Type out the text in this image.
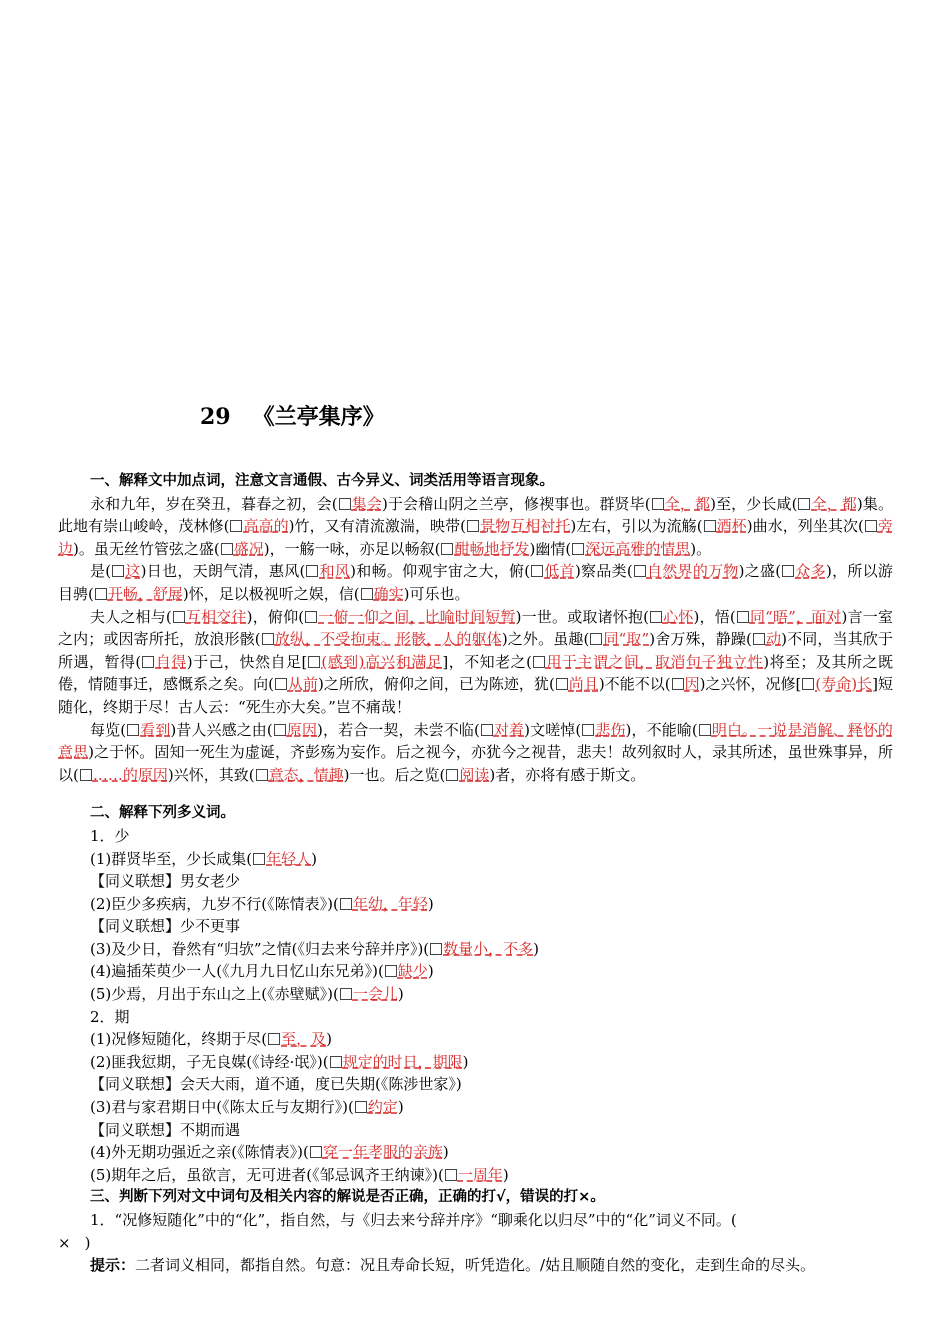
29 《兰亭集序》
一、解释文中加点词，注意文言通假、古今异义、词类活用等语言现象。
永和九年，岁在癸丑，暮春之初，会( 集会)于会稽山阴之兰亭，修禊事也。群贤毕( 全，都)至，少长咸( 全，都)集。此地有崇山峻岭，茂林修( 高高的)竹，又有清流激湍，映带( 景物互相衬托)左右，引以为流觞( 酒杯)曲水，列坐其次( 旁边)。虽无丝竹管弦之盛( 盛况)，一觞一咏，亦足以畅叙( 酣畅地抒发)幽情( 深远高雅的情思)。
是( 这)日也，天朗气清，惠风( 和风)和畅。仰观宇宙之大，俯( 低首)察品类( 自然界的万物)之盛( 众多)，所以游目骋( 开畅，舒展)怀，足以极视听之娱，信( 确实)可乐也。
夫人之相与( 互相交往)，俯仰( 一俯一仰之间，比喻时间短暂)一世。或取诸怀抱( 心怀)，悟( 同“晤”，面对)言一室之内；或因寄所托，放浪形骸( 放纵，不受拘束。形骸，人的躯体)之外。虽趣( 同“取”)舍万殊，静躁( 动)不同，当其欣于所遇，暂得( 自得)于己，快然自足[ (感到)高兴和满足]，不知老之( 用于主谓之间，取消句子独立性)将至；及其所之既倦，情随事迁，感慨系之矣。向( 从前)之所欣，俯仰之间，已为陈迹，犹( 尚且)不能不以( 因)之兴怀，况修[ (寿命)长]短随化，终期于尽！古人云：“死生亦大矣。”岂不痛哉！
每览( 看到)昔人兴感之由( 原因)，若合一契，未尝不临( 对着)文嗟悼( 悲伤)，不能喻( 明白。一说是消解、释怀的意思)之于怀。固知一死生为虚诞，齐彭殇为妄作。后之视今，亦犹今之视昔，悲夫！故列叙时人，录其所述，虽世殊事异，所以( ……的原因)兴怀，其致( 意态，情趣)一也。后之览( 阅读)者，亦将有感于斯文。
二、解释下列多义词。
1．少
(1)群贤毕至，少长咸集( 年轻人)
【同义联想】男女老少
(2)臣少多疾病，九岁不行(《陈情表》)( 年幼，年轻)
【同义联想】少不更事
(3)及少日，眷然有“归欤”之情(《归去来兮辞并序》)( 数量小，不多)
(4)遍插茱萸少一人(《九月九日忆山东兄弟》)( 缺少)
(5)少焉，月出于东山之上(《赤壁赋》)( 一会儿)
2．期
(1)况修短随化，终期于尽( 至，及)
(2)匪我愆期，子无良媒(《诗经·氓》)( 规定的时日，期限)
【同义联想】会天大雨，道不通，度已失期(《陈涉世家》)
(3)君与家君期日中(《陈太丘与友期行》)( 约定)
【同义联想】不期而遇
(4)外无期功强近之亲(《陈情表》)( 穿一年孝服的亲族)
(5)期年之后，虽欲言，无可进者(《邹忌讽齐王纳谏》)( 一周年)
三、判断下列对文中词句及相关内容的解说是否正确，正确的打√，错误的打×。
1．“况修短随化”中的“化”，指自然，与《归去来兮辞并序》“聊乘化以归尽”中的“化”词义不同。(
× )
提示：二者词义相同，都指自然。句意：况且寿命长短，听凭造化。/姑且顺随自然的变化，走到生命的尽头。
